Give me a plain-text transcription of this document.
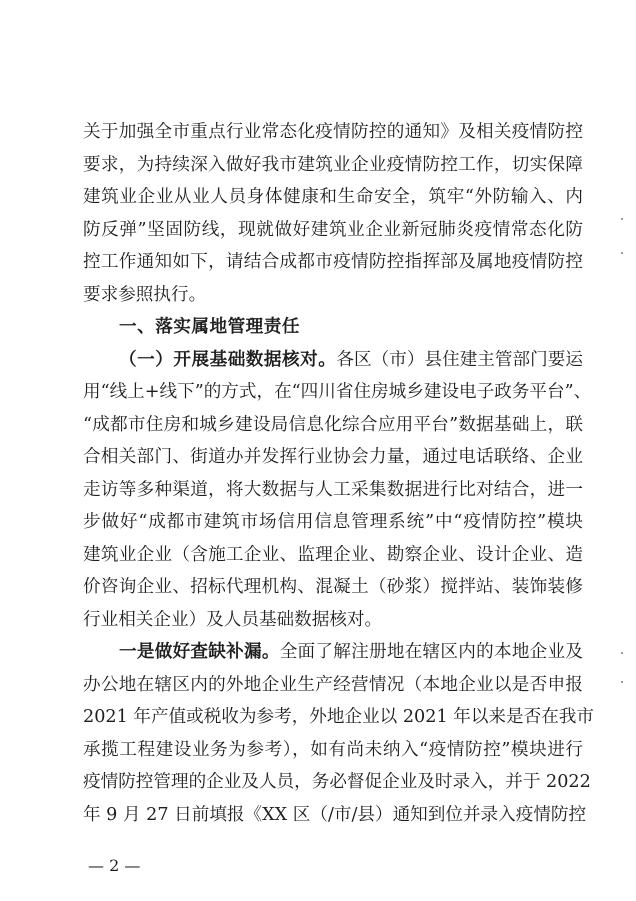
关于加强全市重点行业常态化疫情防控的通知》及相关疫情防控
要求，为持续深入做好我市建筑业企业疫情防控工作，切实保障
建筑业企业从业人员身体健康和生命安全，筑牢“外防输入、内
防反弹”坚固防线，现就做好建筑业企业新冠肺炎疫情常态化防
控工作通知如下，请结合成都市疫情防控指挥部及属地疫情防控
要求参照执行。
一、落实属地管理责任
（一）开展基础数据核对。各区（市）县住建主管部门要运
用“线上+线下”的方式，在“四川省住房城乡建设电子政务平台”、
“成都市住房和城乡建设局信息化综合应用平台”数据基础上，联
合相关部门、街道办并发挥行业协会力量，通过电话联络、企业
走访等多种渠道，将大数据与人工采集数据进行比对结合，进一
步做好“成都市建筑市场信用信息管理系统”中“疫情防控”模块
建筑业企业（含施工企业、监理企业、勘察企业、设计企业、造
价咨询企业、招标代理机构、混凝土（砂浆）搅拌站、装饰装修
行业相关企业）及人员基础数据核对。
一是做好查缺补漏。全面了解注册地在辖区内的本地企业及
办公地在辖区内的外地企业生产经营情况（本地企业以是否申报
2021 年产值或税收为参考，外地企业以 2021 年以来是否在我市
承揽工程建设业务为参考），如有尚未纳入“疫情防控”模块进行
疫情防控管理的企业及人员，务必督促企业及时录入，并于 2022
年 9 月 27 日前填报《XX 区（/市/县）通知到位并录入疫情防控
— 2 —
